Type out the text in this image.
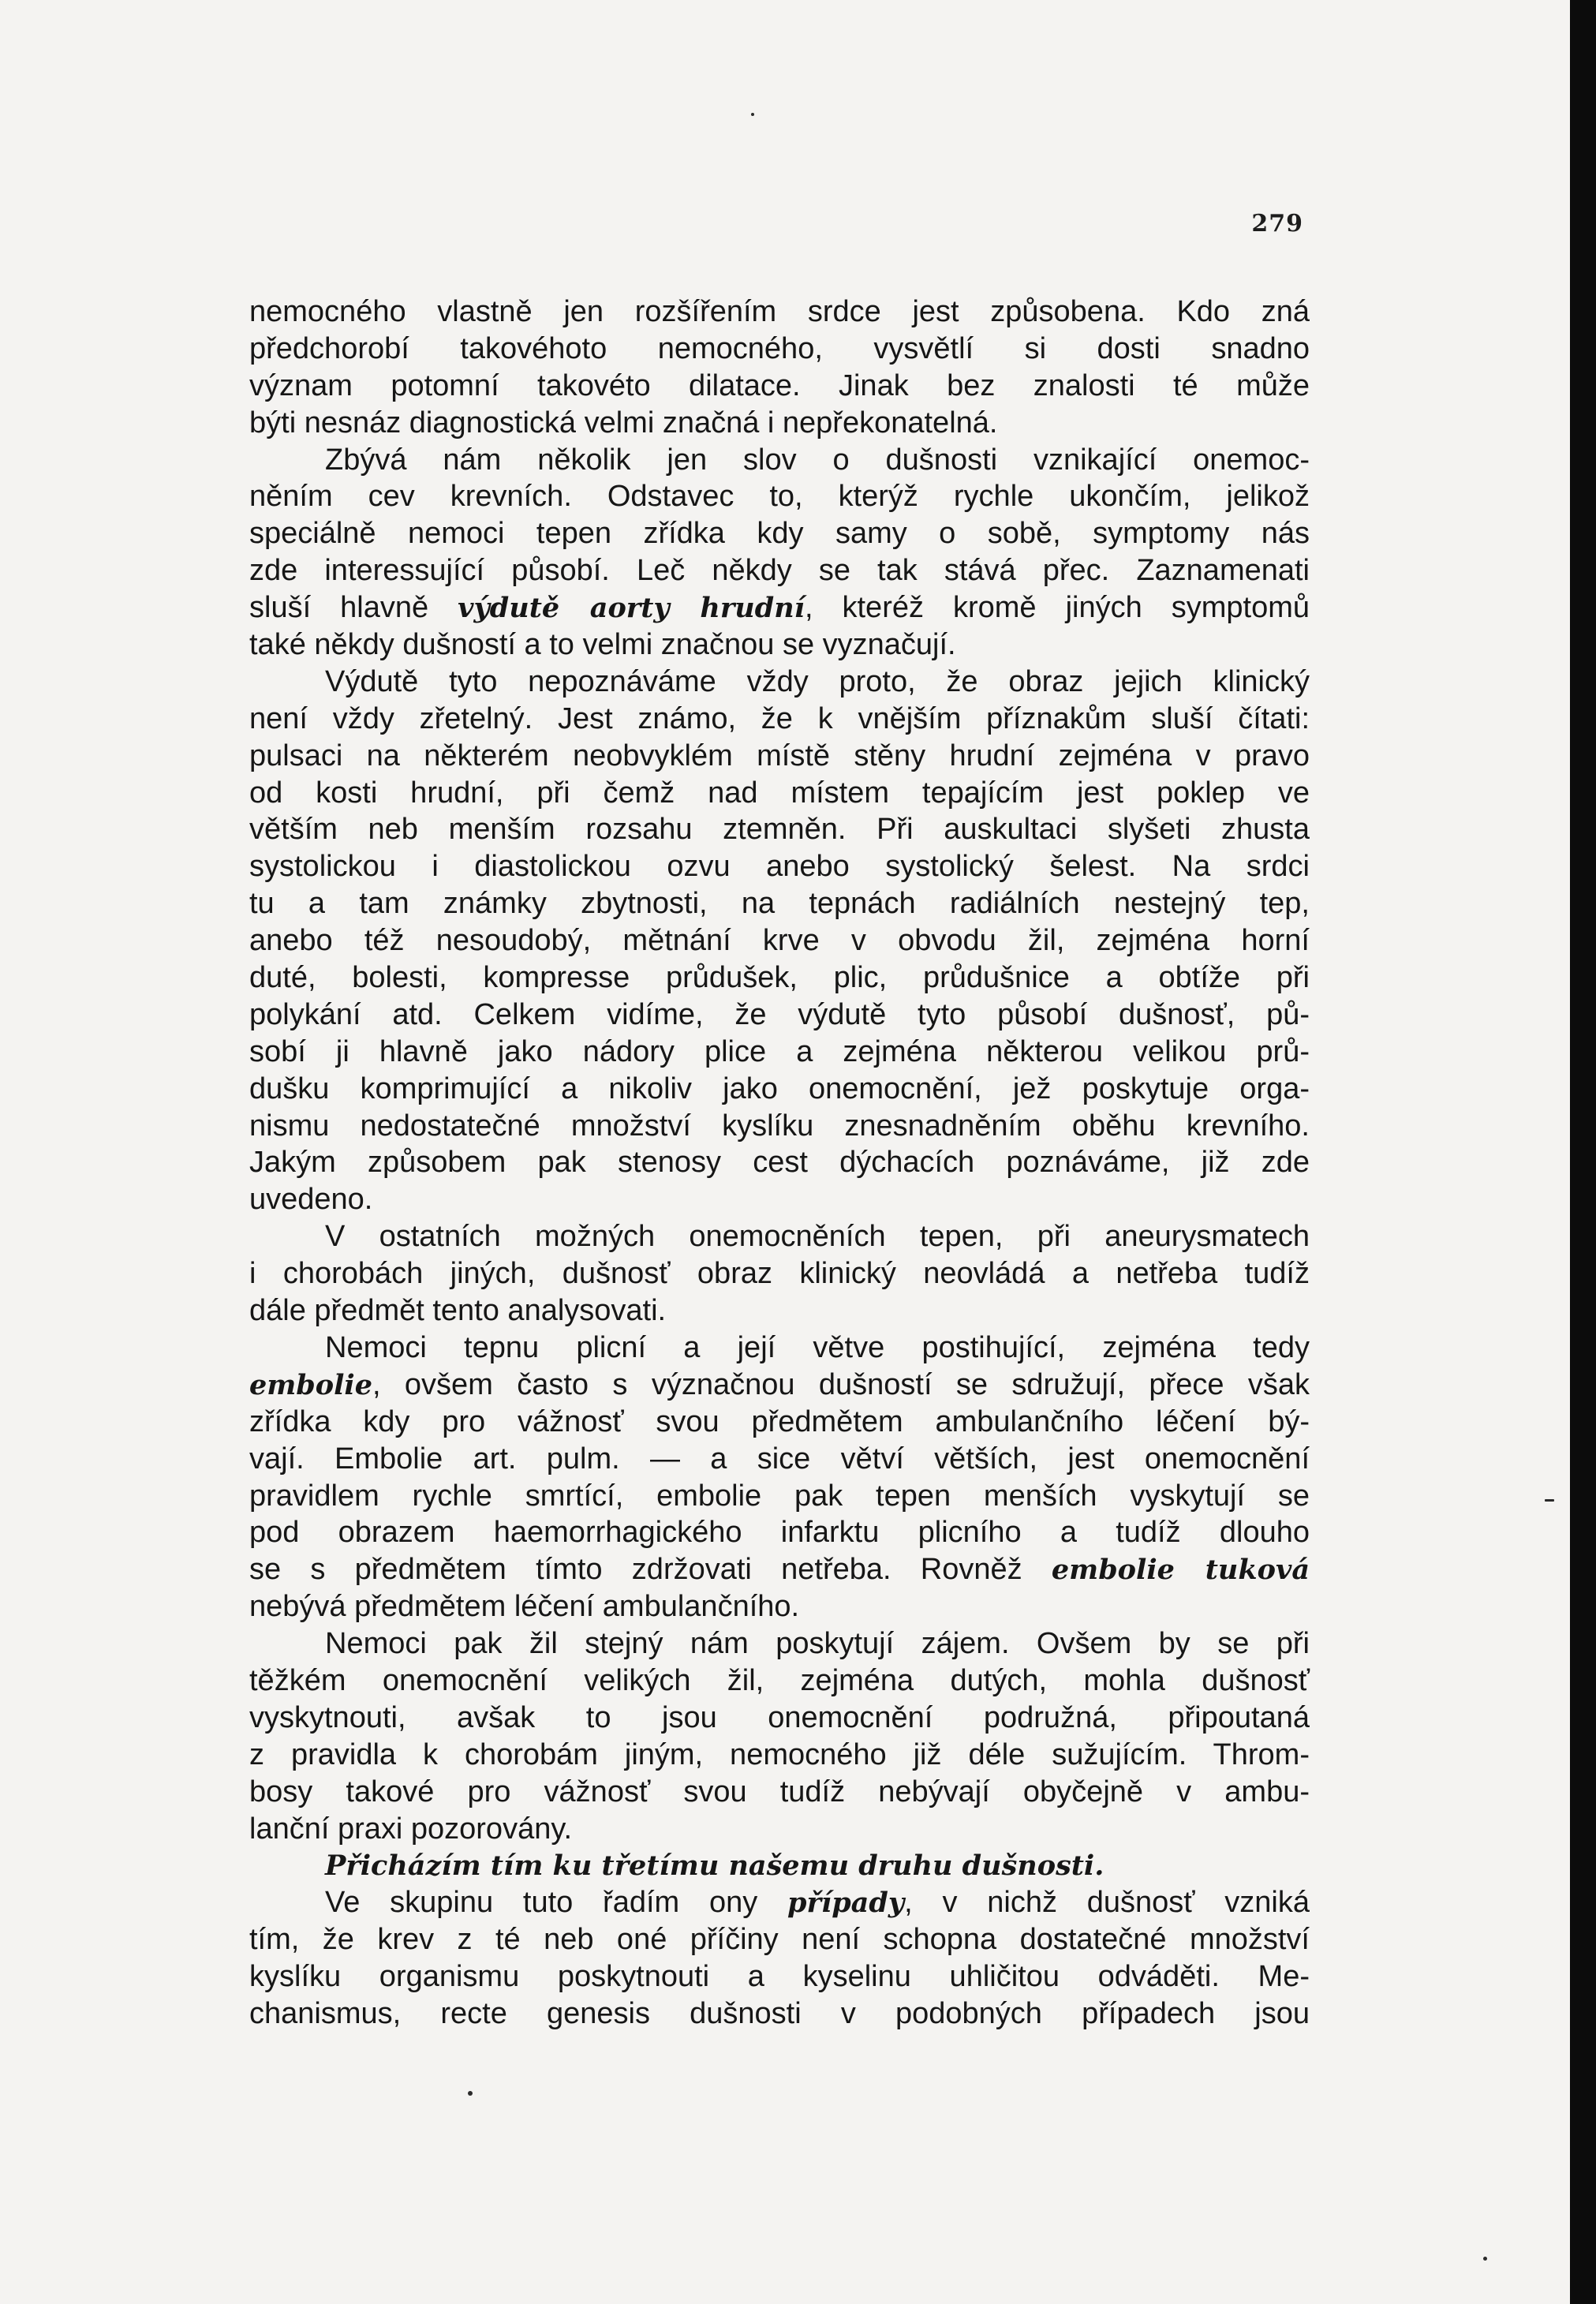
279
nemocného vlastně jen rozšířením srdce jest způsobena. Kdo zná
předchorobí takovéhoto nemocného, vysvětlí si dosti snadno
význam potomní takovéto dilatace. Jinak bez znalosti té může
býti nesnáz diagnostická velmi značná i nepřekonatelná.
Zbývá nám několik jen slov o dušnosti vznikající onemoc-
něním cev krevních. Odstavec to, kterýž rychle ukončím, jelikož
speciálně nemoci tepen zřídka kdy samy o sobě, symptomy nás
zde interessující působí. Leč někdy se tak stává přec. Zaznamenati
sluší hlavně výdutě aorty hrudní, kteréž kromě jiných symptomů
také někdy dušností a to velmi značnou se vyznačují.
Výdutě tyto nepoznáváme vždy proto, že obraz jejich klinický
není vždy zřetelný. Jest známo, že k vnějším příznakům sluší čítati:
pulsaci na některém neobvyklém místě stěny hrudní zejména v pravo
od kosti hrudní, při čemž nad místem tepajícím jest poklep ve
větším neb menším rozsahu ztemněn. Při auskultaci slyšeti zhusta
systolickou i diastolickou ozvu anebo systolický šelest. Na srdci
tu a tam známky zbytnosti, na tepnách radiálních nestejný tep,
anebo též nesoudobý, mětnání krve v obvodu žil, zejména horní
duté, bolesti, kompresse průdušek, plic, průdušnice a obtíže při
polykání atd. Celkem vidíme, že výdutě tyto působí dušnosť, pů-
sobí ji hlavně jako nádory plice a zejména některou velikou prů-
dušku komprimující a nikoliv jako onemocnění, jež poskytuje orga-
nismu nedostatečné množství kyslíku znesnadněním oběhu krevního.
Jakým způsobem pak stenosy cest dýchacích poznáváme, již zde
uvedeno.
V ostatních možných onemocněních tepen, při aneurysmatech
i chorobách jiných, dušnosť obraz klinický neovládá a netřeba tudíž
dále předmět tento analysovati.
Nemoci tepnu plicní a její větve postihující, zejména tedy
embolie, ovšem často s význačnou dušností se sdružují, přece však
zřídka kdy pro vážnosť svou předmětem ambulančního léčení bý-
vají. Embolie art. pulm. — a sice větví větších, jest onemocnění
pravidlem rychle smrtící, embolie pak tepen menších vyskytují se
pod obrazem haemorrhagického infarktu plicního a tudíž dlouho
se s předmětem tímto zdržovati netřeba. Rovněž embolie tuková
nebývá předmětem léčení ambulančního.
Nemoci pak žil stejný nám poskytují zájem. Ovšem by se při
těžkém onemocnění velikých žil, zejména dutých, mohla dušnosť
vyskytnouti, avšak to jsou onemocnění podružná, připoutaná
z pravidla k chorobám jiným, nemocného již déle sužujícím. Throm-
bosy takové pro vážnosť svou tudíž nebývají obyčejně v ambu-
lanční praxi pozorovány.
Přicházím tím ku třetímu našemu druhu dušnosti.
Ve skupinu tuto řadím ony případy, v nichž dušnosť vzniká
tím, že krev z té neb oné příčiny není schopna dostatečné množství
kyslíku organismu poskytnouti a kyselinu uhličitou odváděti. Me-
chanismus, recte genesis dušnosti v podobných případech jsou
